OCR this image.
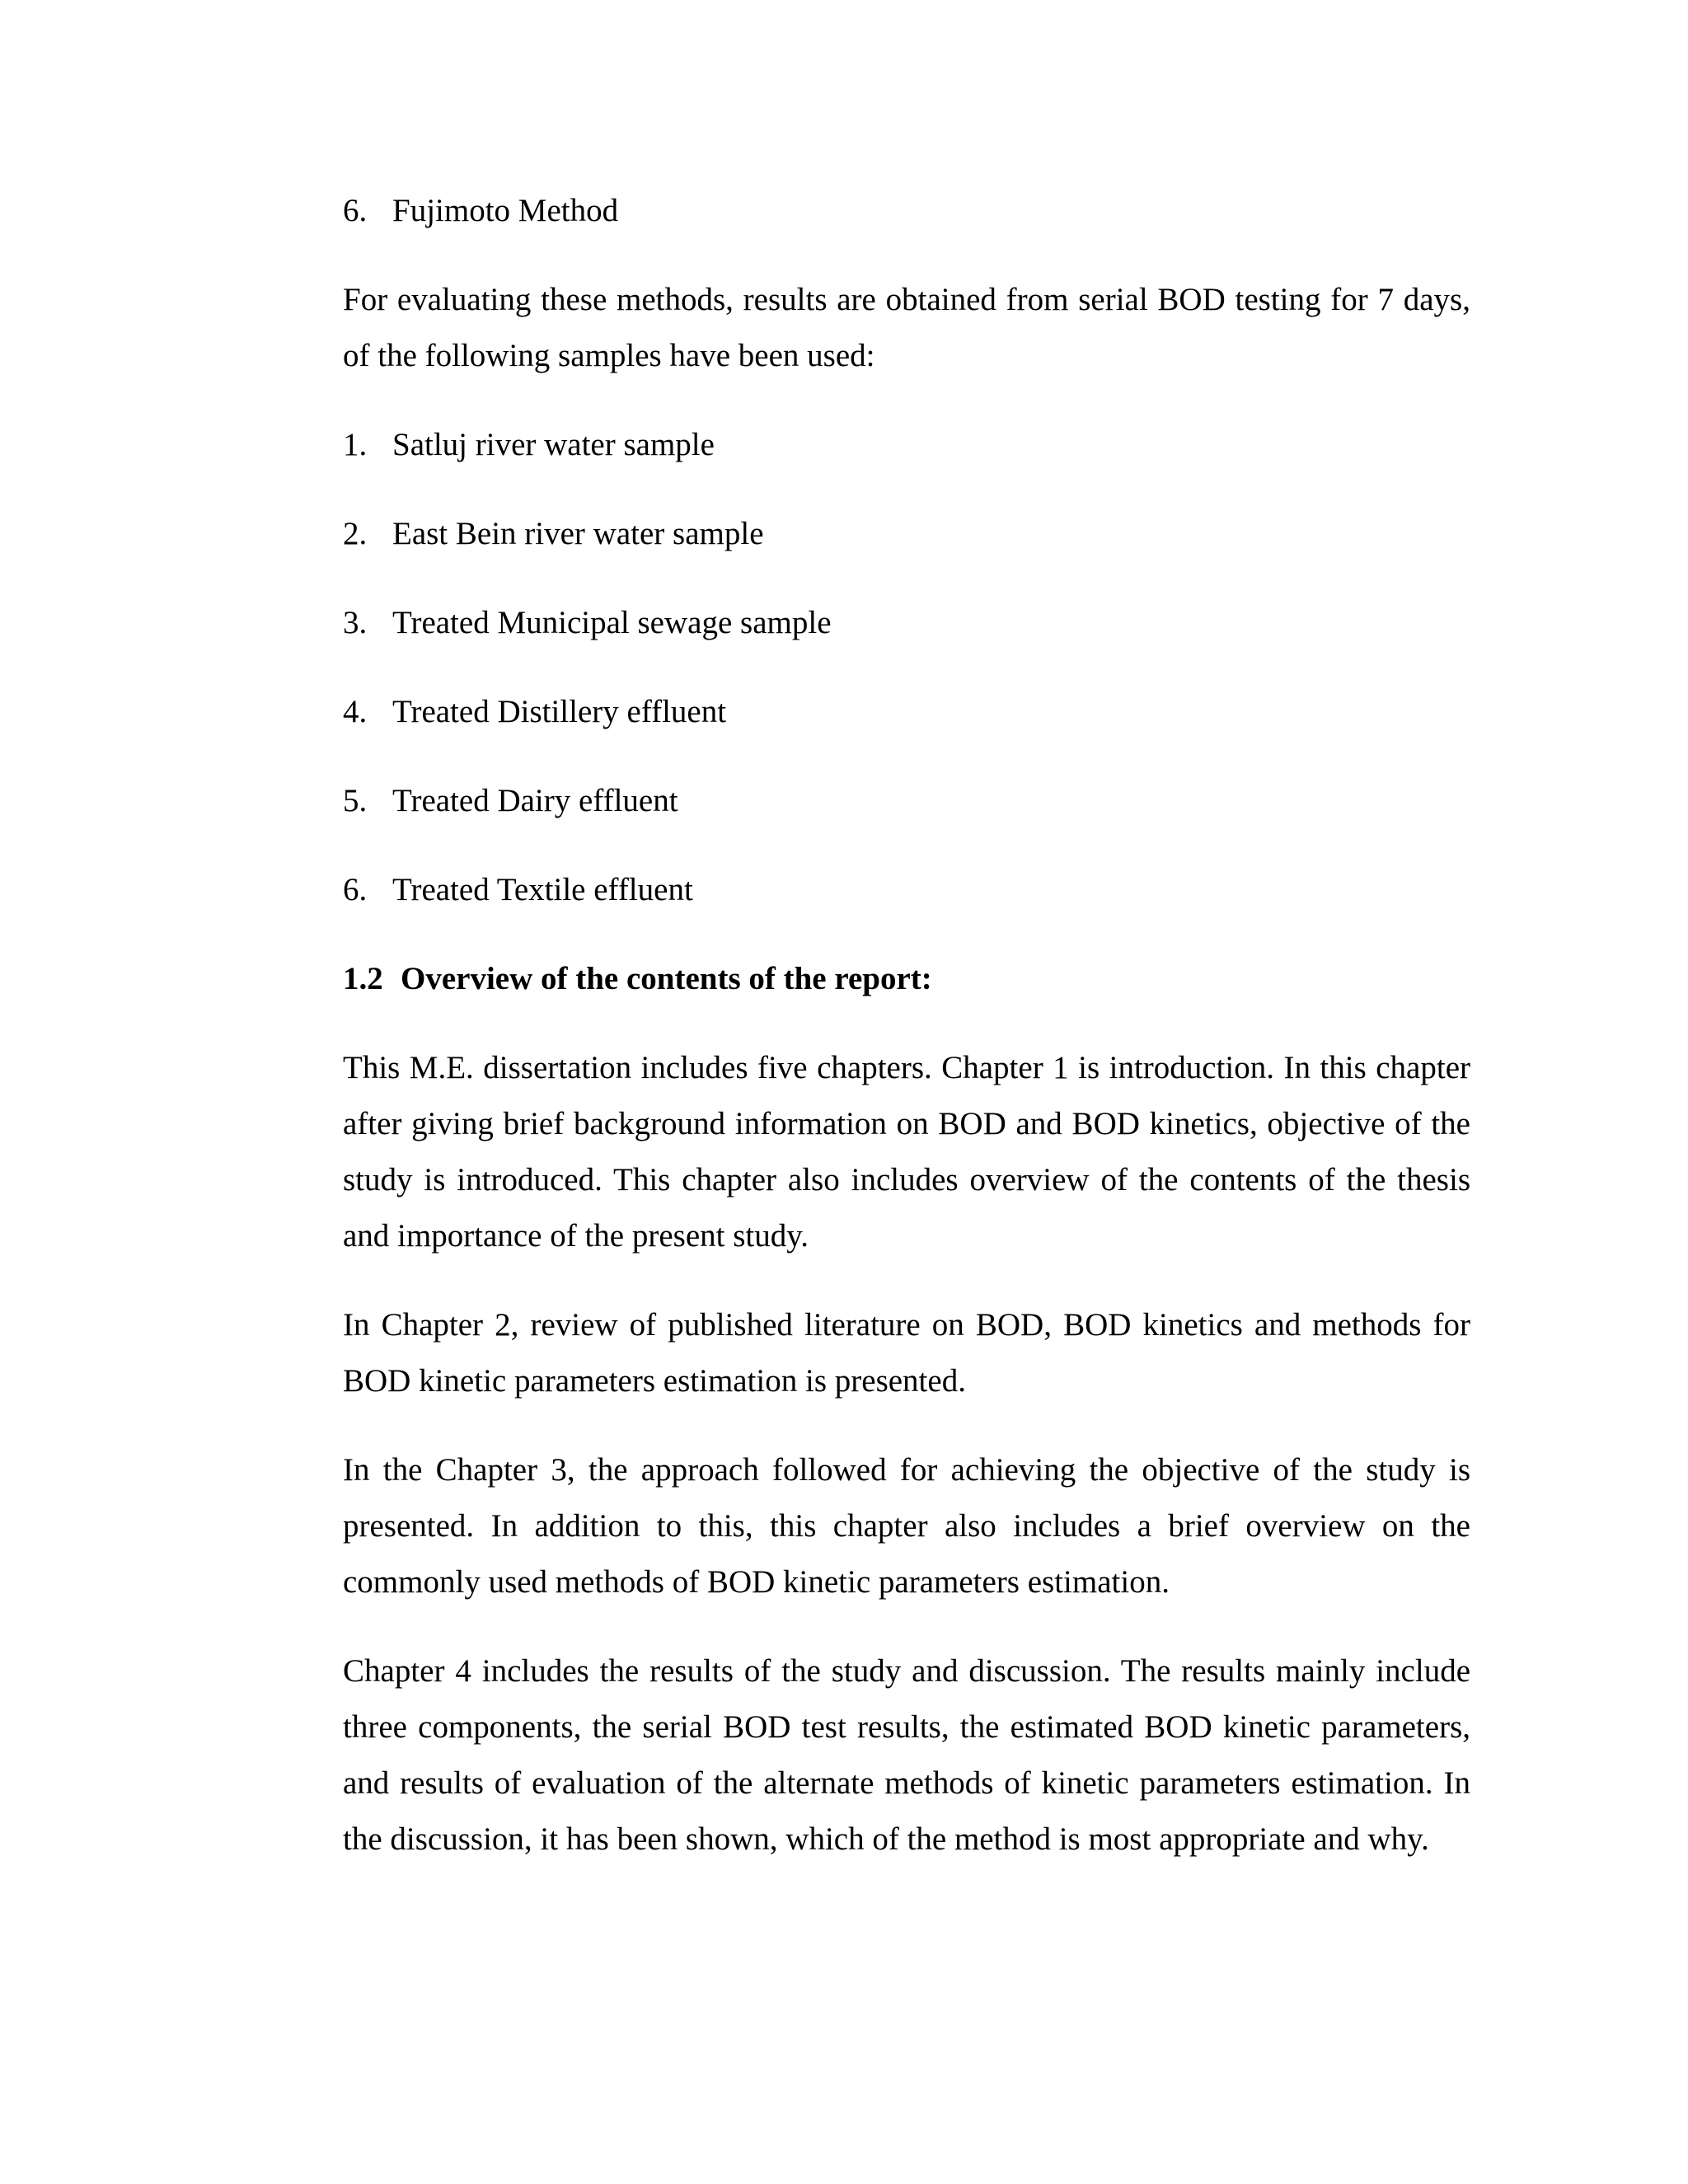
6. Fujimoto Method

For evaluating these methods, results are obtained from serial BOD testing for 7 days, of the following samples have been used:

1. Satluj river water sample
2. East Bein river water sample
3. Treated Municipal sewage sample
4. Treated Distillery effluent
5. Treated Dairy effluent
6. Treated Textile effluent
1.2 Overview of the contents of the report:

This M.E. dissertation includes five chapters. Chapter 1 is introduction. In this chapter after giving brief background information on BOD and BOD kinetics, objective of the study is introduced. This chapter also includes overview of the contents of the thesis and importance of the present study.

In Chapter 2, review of published literature on BOD, BOD kinetics and methods for BOD kinetic parameters estimation is presented.

In the Chapter 3, the approach followed for achieving the objective of the study is presented. In addition to this, this chapter also includes a brief overview on the commonly used methods of BOD kinetic parameters estimation.

Chapter 4 includes the results of the study and discussion. The results mainly include three components, the serial BOD test results, the estimated BOD kinetic parameters, and results of evaluation of the alternate methods of kinetic parameters estimation. In the discussion, it has been shown, which of the method is most appropriate and why.
